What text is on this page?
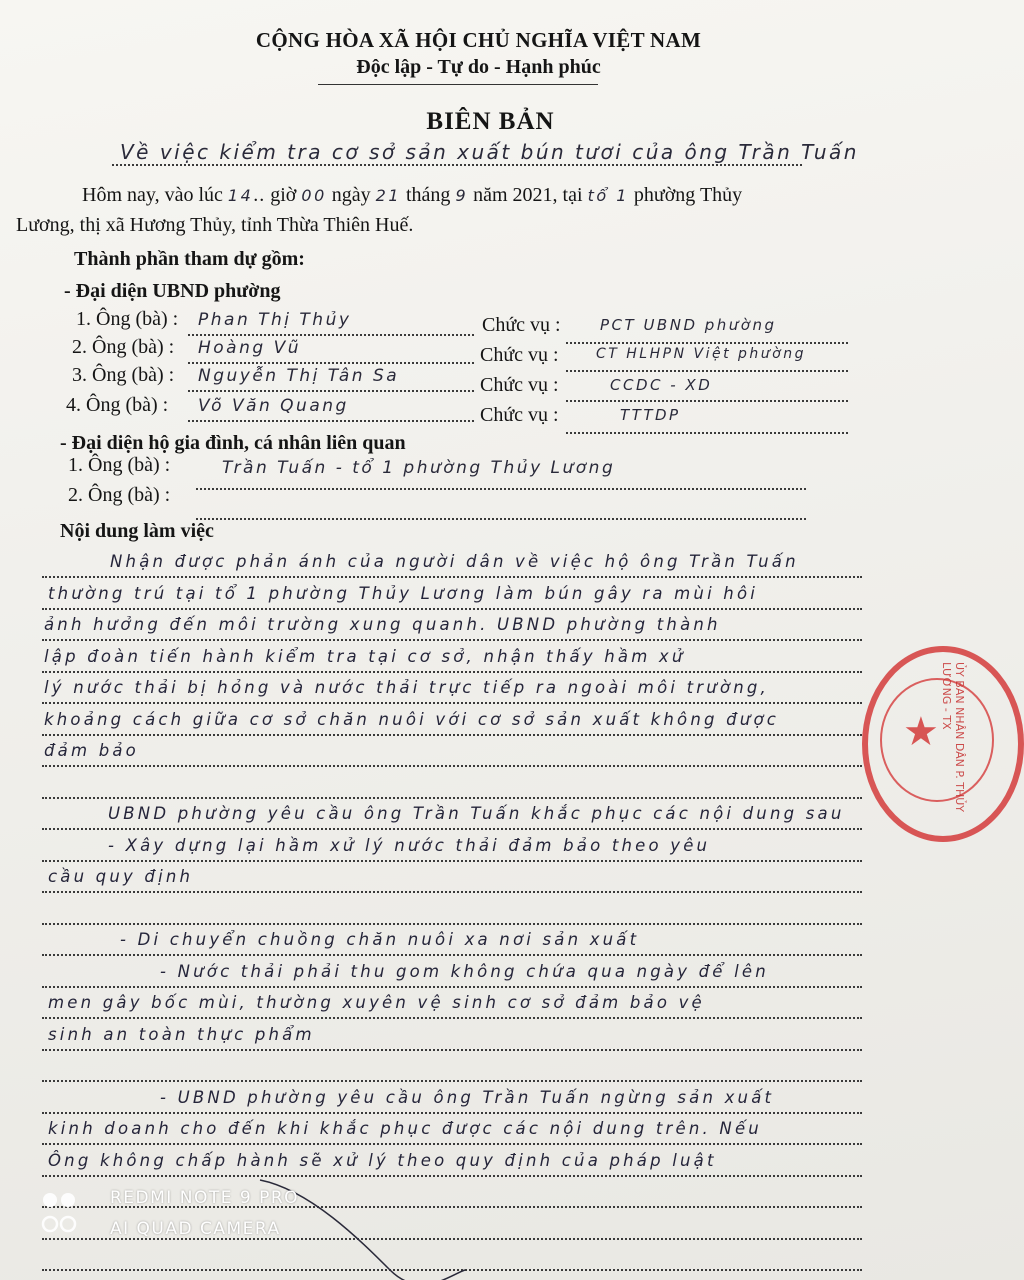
CỘNG HÒA XÃ HỘI CHỦ NGHĨA VIỆT NAM
Độc lập - Tự do - Hạnh phúc
BIÊN BẢN
Về việc kiểm tra cơ sở sản xuất bún tươi của ông Trần Tuấn
Hôm nay, vào lúc 14.. giờ 00 ngày 21 tháng 9 năm 2021, tại tổ 1 phường Thủy
Lương, thị xã Hương Thủy, tỉnh Thừa Thiên Huế.
Thành phần tham dự gồm:
- Đại diện UBND phường
1. Ông (bà) : Phan Thị Thủy	Chức vụ :	PCT UBND phường
2. Ông (bà) : Hoàng Vũ	Chức vụ :	CT HLHPN Việt phường
3. Ông (bà) : Nguyễn Thị Tân Sa	Chức vụ :	CCDC - XD
4. Ông (bà) : Võ Văn Quang	Chức vụ :	TTTDP
- Đại diện hộ gia đình, cá nhân liên quan
1. Ông (bà) :	Trần Tuấn - tổ 1 phường Thủy Lương
2. Ông (bà) :
Nội dung làm việc
Nhận được phản ánh của người dân về việc hộ ông Trần Tuấn
thường trú tại tổ 1 phường Thủy Lương làm bún gây ra mùi hôi
ảnh hưởng đến môi trường xung quanh. UBND phường thành
lập đoàn tiến hành kiểm tra tại cơ sở, nhận thấy hầm xử
lý nước thải bị hỏng và nước thải trực tiếp ra ngoài môi trường,
khoảng cách giữa cơ sở chăn nuôi với cơ sở sản xuất không được
đảm bảo
UBND phường yêu cầu ông Trần Tuấn khắc phục các nội dung sau
- Xây dựng lại hầm xử lý nước thải đảm bảo theo yêu
cầu quy định
- Di chuyển chuồng chăn nuôi xa nơi sản xuất
- Nước thải phải thu gom không chứa qua ngày để lên
men gây bốc mùi, thường xuyên vệ sinh cơ sở đảm bảo vệ
sinh an toàn thực phẩm
- UBND phường yêu cầu ông Trần Tuấn ngừng sản xuất
kinh doanh cho đến khi khắc phục được các nội dung trên. Nếu
Ông không chấp hành sẽ xử lý theo quy định của pháp luật
★	ỦY BAN NHÂN DÂN P. THỦY LƯƠNG - TX
REDMI NOTE 9 PRO
AI QUAD CAMERA
